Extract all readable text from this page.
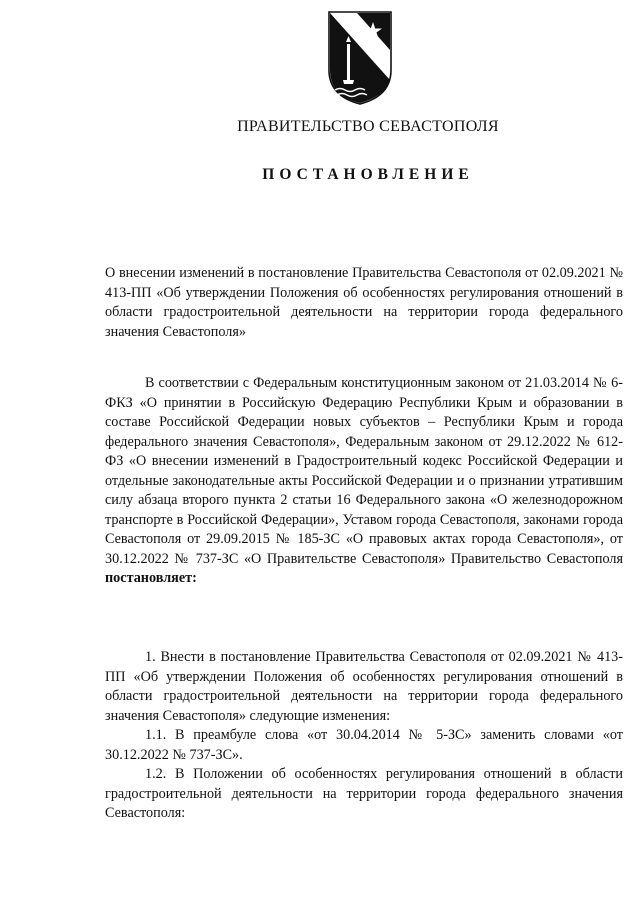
ПРАВИТЕЛЬСТВО СЕВАСТОПОЛЯ
ПОСТАНОВЛЕНИЕ

О внесении изменений в постановление Правительства Севастополя от 02.09.2021 № 413-ПП «Об утверждении Положения об особенностях регулирования отношений в области градостроительной деятельности на территории города федерального значения Севастополя»

В соответствии с Федеральным конституционным законом от 21.03.2014 № 6-ФКЗ «О принятии в Российскую Федерацию Республики Крым и образовании в составе Российской Федерации новых субъектов – Республики Крым и города федерального значения Севастополя», Федеральным законом от 29.12.2022 № 612-ФЗ «О внесении изменений в Градостроительный кодекс Российской Федерации и отдельные законодательные акты Российской Федерации и о признании утратившим силу абзаца второго пункта 2 статьи 16 Федерального закона «О железнодорожном транспорте в Российской Федерации», Уставом города Севастополя, законами города Севастополя от 29.09.2015 № 185-ЗС «О правовых актах города Севастополя», от 30.12.2022 № 737-ЗС «О Правительстве Севастополя» Правительство Севастополя постановляет:

1. Внести в постановление Правительства Севастополя от 02.09.2021 № 413-ПП «Об утверждении Положения об особенностях регулирования отношений в области градостроительной деятельности на территории города федерального значения Севастополя» следующие изменения:

1.1. В преамбуле слова «от 30.04.2014 № 5-ЗС» заменить словами «от 30.12.2022 № 737-ЗС».

1.2. В Положении об особенностях регулирования отношений в области градостроительной деятельности на территории города федерального значения Севастополя:
